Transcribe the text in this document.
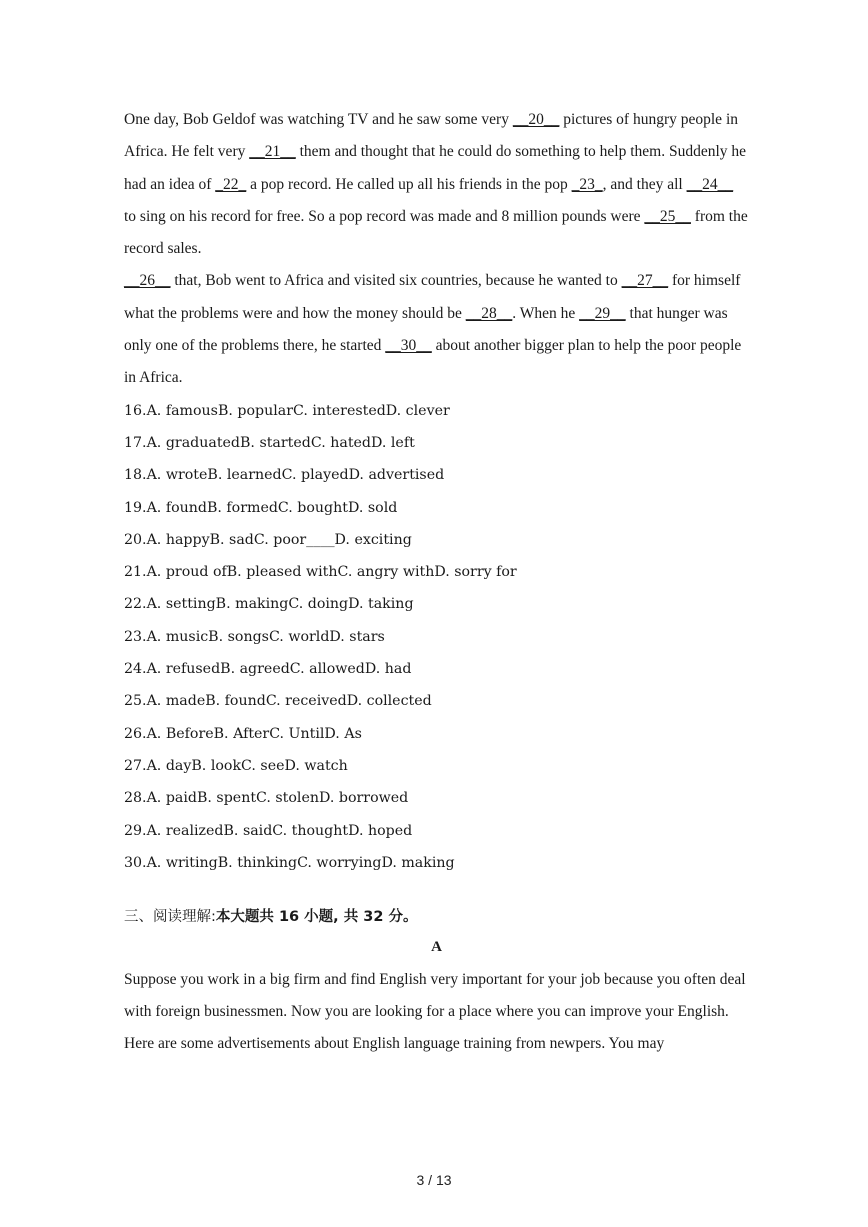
One day, Bob Geldof was watching TV and he saw some very __20__ pictures of hungry people in Africa. He felt very __21__ them and thought that he could do something to help them. Suddenly he had an idea of _22_ a pop record. He called up all his friends in the pop _23_, and they all __24__ to sing on his record for free. So a pop record was made and 8 million pounds were __25__ from the record sales.

__26__ that, Bob went to Africa and visited six countries, because he wanted to __27__ for himself what the problems were and how the money should be __28__. When he __29__ that hunger was only one of the problems there, he started __30__ about another bigger plan to help the poor people in Africa.

16.A. famousB. popularC. interestedD. clever
17.A. graduatedB. startedC. hatedD. left
18.A. wroteB. learnedC. playedD. advertised
19.A. foundB. formedC. boughtD. sold
20.A. happyB. sadC. poor____D. exciting
21.A. proud ofB. pleased withC. angry withD. sorry for
22.A. settingB. makingC. doingD. taking
23.A. musicB. songsC. worldD. stars
24.A. refusedB. agreedC. allowedD. had
25.A. madeB. foundC. receivedD. collected
26.A. BeforeB. AfterC. UntilD. As
27.A. dayB. lookC. seeD. watch
28.A. paidB. spentC. stolenD. borrowed
29.A. realizedB. saidC. thoughtD. hoped
30.A. writingB. thinkingC. worryingD. making

三、阅读理解:本大题共 16 小题, 共 32 分。

A

Suppose you work in a big firm and find English very important for your job because you often deal with foreign businessmen. Now you are looking for a place where you can improve your English. Here are some advertisements about English language training from newpers. You may

3 / 13
